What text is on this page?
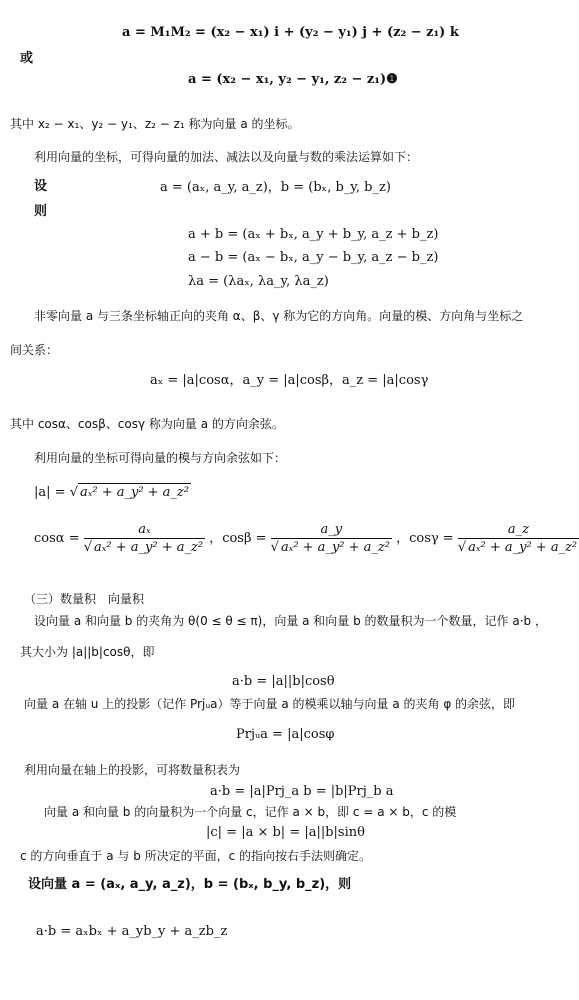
a = M₁M₂ = (x₂ − x₁) i + (y₂ − y₁) j + (z₂ − z₁) k
或
a = (x₂ − x₁, y₂ − y₁, z₂ − z₁)❶
其中 x₂ − x₁、y₂ − y₁、z₂ − z₁ 称为向量 a 的坐标。
利用向量的坐标，可得向量的加法、减法以及向量与数的乘法运算如下：
设	a = (aₓ, a_y, a_z)，b = (bₓ, b_y, b_z)
则
a + b = (aₓ + bₓ, a_y + b_y, a_z + b_z)
a − b = (aₓ − bₓ, a_y − b_y, a_z − b_z)
λa = (λaₓ, λa_y, λa_z)
非零向量 a 与三条坐标轴正向的夹角 α、β、γ 称为它的方向角。向量的模、方向角与坐标之
间关系：
aₓ = |a|cosα，a_y = |a|cosβ，a_z = |a|cosγ
其中 cosα、cosβ、cosγ 称为向量 a 的方向余弦。
利用向量的坐标可得向量的模与方向余弦如下：
|a| = √ aₓ² + a_y² + a_z²
$\cos\alpha = \frac{\text{aₓ}}{\text{√ aₓ² + a\_y² + a\_z²}}$ ，$\cos\beta = \frac{a\_y}{\text{√ aₓ² + a\_y² + a\_z²}}$ ，$\cos\gamma = \frac{a\_z}{\text{√ aₓ² + a\_y² + a\_z²}}$
（三）数量积　向量积
设向量 a 和向量 b 的夹角为 θ(0 ≤ θ ≤ π)，向量 a 和向量 b 的数量积为一个数量，记作 a·b ，
其大小为 |a||b|cosθ，即
a·b = |a||b|cosθ
向量 a 在轴 u 上的投影（记作 Prjᵤa）等于向量 a 的模乘以轴与向量 a 的夹角 φ 的余弦，即
Prjᵤa = |a|cosφ
利用向量在轴上的投影，可将数量积表为
a·b = |a|Prj_a b = |b|Prj_b a
向量 a 和向量 b 的向量积为一个向量 c，记作 a × b，即 c = a × b，c 的模
|c| = |a × b| = |a||b|sinθ
c 的方向垂直于 a 与 b 所决定的平面，c 的指向按右手法则确定。
设向量 a = (aₓ, a_y, a_z)，b = (bₓ, b_y, b_z)，则
a·b = aₓbₓ + a_yb_y + a_zb_z
